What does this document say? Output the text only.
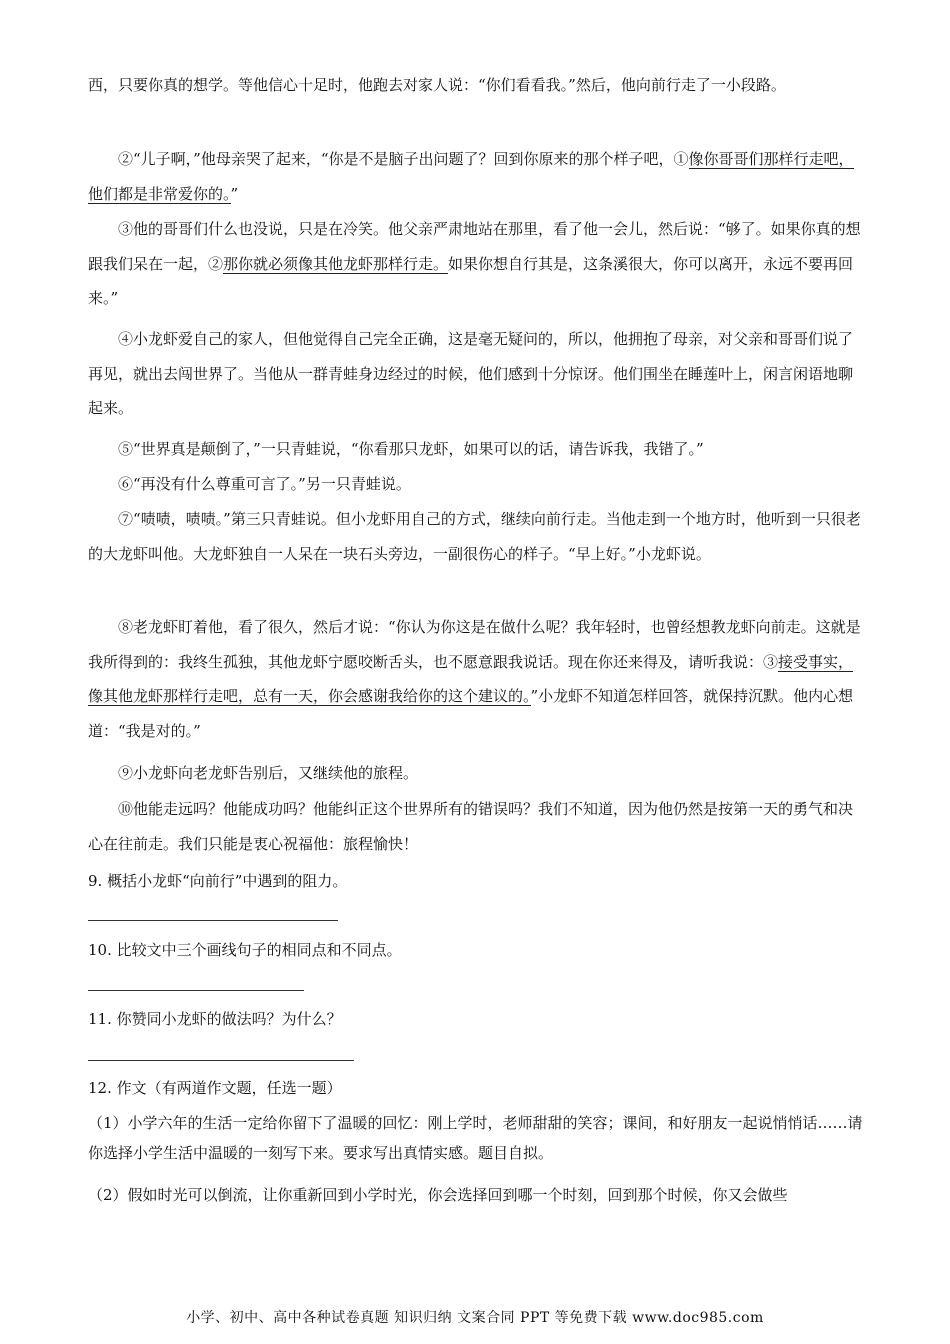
西，只要你真的想学。等他信心十足时，他跑去对家人说：“你们看看我。”然后，他向前行走了一小段路。

②“儿子啊，”他母亲哭了起来，“你是不是脑子出问题了？回到你原来的那个样子吧，①像你哥哥们那样行走吧，他们都是非常爱你的。”

③他的哥哥们什么也没说，只是在冷笑。他父亲严肃地站在那里，看了他一会儿，然后说：“够了。如果你真的想跟我们呆在一起，②那你就必须像其他龙虾那样行走。如果你想自行其是，这条溪很大，你可以离开，永远不要再回来。”

④小龙虾爱自己的家人，但他觉得自己完全正确，这是毫无疑问的，所以，他拥抱了母亲，对父亲和哥哥们说了再见，就出去闯世界了。当他从一群青蛙身边经过的时候，他们感到十分惊讶。他们围坐在睡莲叶上，闲言闲语地聊起来。

⑤“世界真是颠倒了，”一只青蛙说，“你看那只龙虾，如果可以的话，请告诉我，我错了。”

⑥“再没有什么尊重可言了。”另一只青蛙说。

⑦“啧啧，啧啧。”第三只青蛙说。但小龙虾用自己的方式，继续向前行走。当他走到一个地方时，他听到一只很老的大龙虾叫他。大龙虾独自一人呆在一块石头旁边，一副很伤心的样子。“早上好。”小龙虾说。

⑧老龙虾盯着他，看了很久，然后才说：“你认为你这是在做什么呢？我年轻时，也曾经想教龙虾向前走。这就是我所得到的：我终生孤独，其他龙虾宁愿咬断舌头，也不愿意跟我说话。现在你还来得及，请听我说：③接受事实，像其他龙虾那样行走吧，总有一天，你会感谢我给你的这个建议的。”小龙虾不知道怎样回答，就保持沉默。他内心想道：“我是对的。”

⑨小龙虾向老龙虾告别后，又继续他的旅程。

⑩他能走远吗？他能成功吗？他能纠正这个世界所有的错误吗？我们不知道，因为他仍然是按第一天的勇气和决心在往前走。我们只能是衷心祝福他：旅程愉快！

9. 概括小龙虾“向前行”中遇到的阻力。

10. 比较文中三个画线句子的相同点和不同点。

11. 你赞同小龙虾的做法吗？为什么？

12. 作文（有两道作文题，任选一题）

（1）小学六年的生活一定给你留下了温暖的回忆：刚上学时，老师甜甜的笑容；课间，和好朋友一起说悄悄话……请你选择小学生活中温暖的一刻写下来。要求写出真情实感。题目自拟。

（2）假如时光可以倒流，让你重新回到小学时光，你会选择回到哪一个时刻，回到那个时候，你又会做些

小学、初中、高中各种试卷真题 知识归纳 文案合同 PPT 等免费下载 www.doc985.com
